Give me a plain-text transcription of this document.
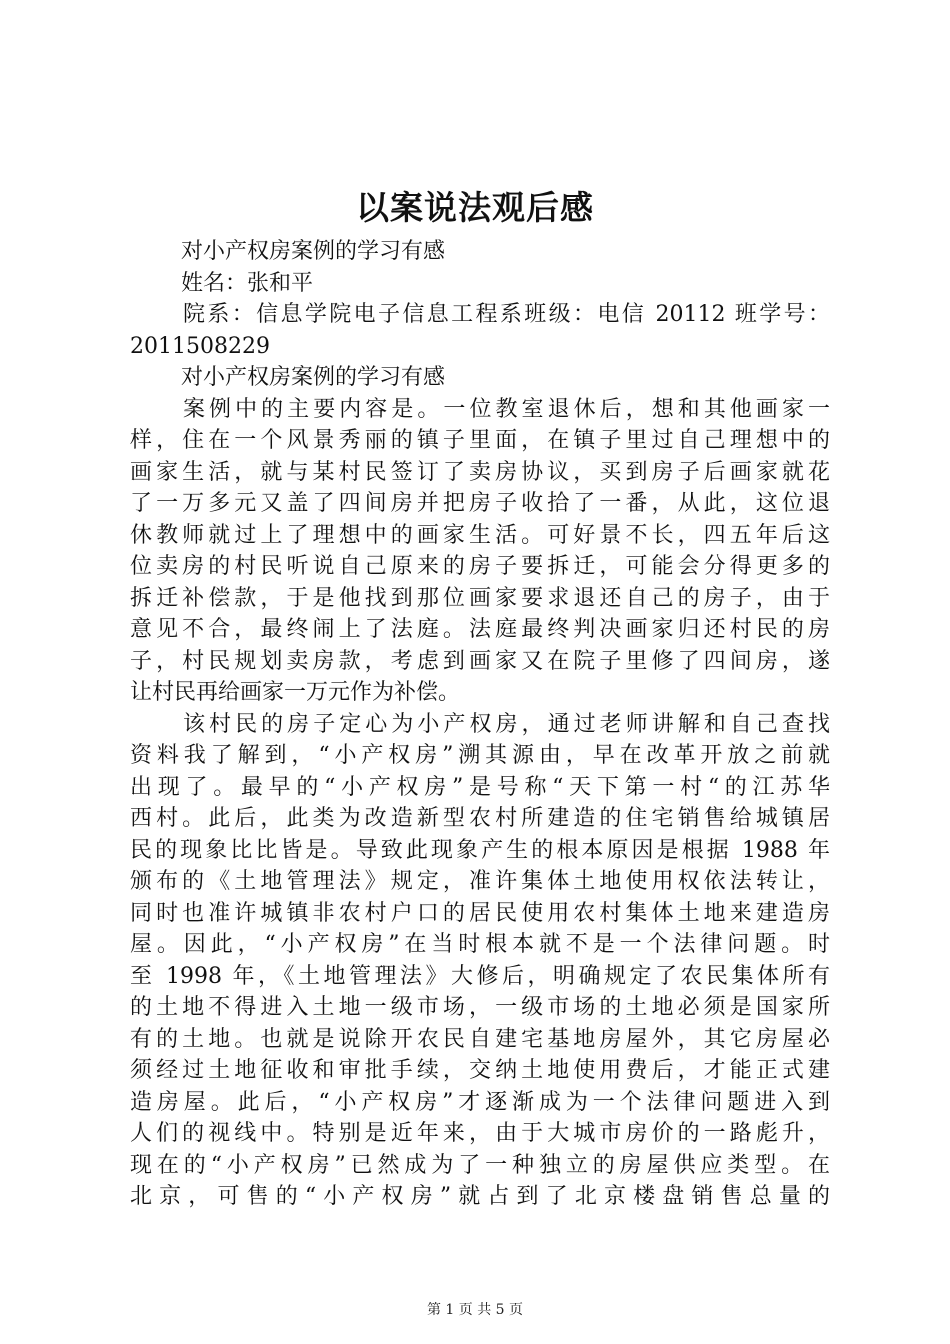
以案说法观后感
对小产权房案例的学习有感
姓名：张和平
院系：信息学院电子信息工程系班级：电信 20112 班学号：
2011508229
对小产权房案例的学习有感
案例中的主要内容是。一位教室退休后，想和其他画家一
样，住在一个风景秀丽的镇子里面，在镇子里过自己理想中的
画家生活，就与某村民签订了卖房协议，买到房子后画家就花
了一万多元又盖了四间房并把房子收拾了一番，从此，这位退
休教师就过上了理想中的画家生活。可好景不长，四五年后这
位卖房的村民听说自己原来的房子要拆迁，可能会分得更多的
拆迁补偿款，于是他找到那位画家要求退还自己的房子，由于
意见不合，最终闹上了法庭。法庭最终判决画家归还村民的房
子，村民规划卖房款，考虑到画家又在院子里修了四间房，遂
让村民再给画家一万元作为补偿。
该村民的房子定心为小产权房，通过老师讲解和自己查找
资料我了解到，“小产权房”溯其源由，早在改革开放之前就
出现了。最早的“小产权房”是号称“天下第一村“的江苏华
西村。此后，此类为改造新型农村所建造的住宅销售给城镇居
民的现象比比皆是。导致此现象产生的根本原因是根据 1988 年
颁布的《土地管理法》规定，准许集体土地使用权依法转让，
同时也准许城镇非农村户口的居民使用农村集体土地来建造房
屋。因此，“小产权房”在当时根本就不是一个法律问题。时
至 1998 年，《土地管理法》大修后，明确规定了农民集体所有
的土地不得进入土地一级市场，一级市场的土地必须是国家所
有的土地。也就是说除开农民自建宅基地房屋外，其它房屋必
须经过土地征收和审批手续，交纳土地使用费后，才能正式建
造房屋。此后，“小产权房”才逐渐成为一个法律问题进入到
人们的视线中。特别是近年来，由于大城市房价的一路彪升，
现在的“小产权房”已然成为了一种独立的房屋供应类型。在
北京，可售的“小产权房”就占到了北京楼盘销售总量的
第 1 页 共 5 页
